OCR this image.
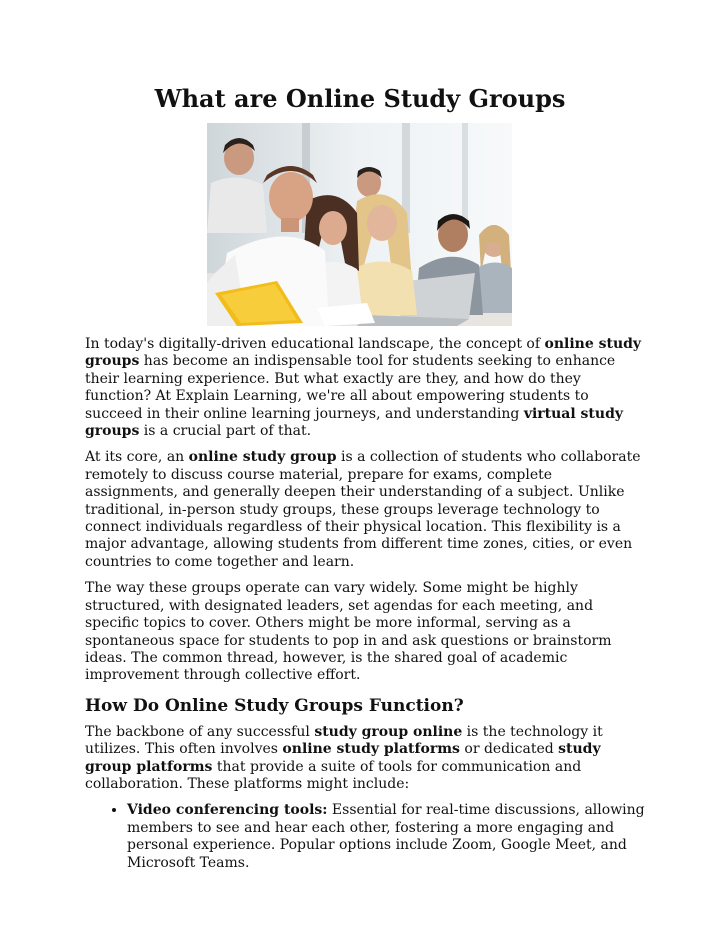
What are Online Study Groups

In today's digitally-driven educational landscape, the concept of online study groups has become an indispensable tool for students seeking to enhance their learning experience. But what exactly are they, and how do they function? At Explain Learning, we're all about empowering students to succeed in their online learning journeys, and understanding virtual study groups is a crucial part of that.

At its core, an online study group is a collection of students who collaborate remotely to discuss course material, prepare for exams, complete assignments, and generally deepen their understanding of a subject. Unlike traditional, in-person study groups, these groups leverage technology to connect individuals regardless of their physical location. This flexibility is a major advantage, allowing students from different time zones, cities, or even countries to come together and learn.

The way these groups operate can vary widely. Some might be highly structured, with designated leaders, set agendas for each meeting, and specific topics to cover. Others might be more informal, serving as a spontaneous space for students to pop in and ask questions or brainstorm ideas. The common thread, however, is the shared goal of academic improvement through collective effort.

How Do Online Study Groups Function?

The backbone of any successful study group online is the technology it utilizes. This often involves online study platforms or dedicated study group platforms that provide a suite of tools for communication and collaboration. These platforms might include:

• Video conferencing tools: Essential for real-time discussions, allowing members to see and hear each other, fostering a more engaging and personal experience. Popular options include Zoom, Google Meet, and Microsoft Teams.
